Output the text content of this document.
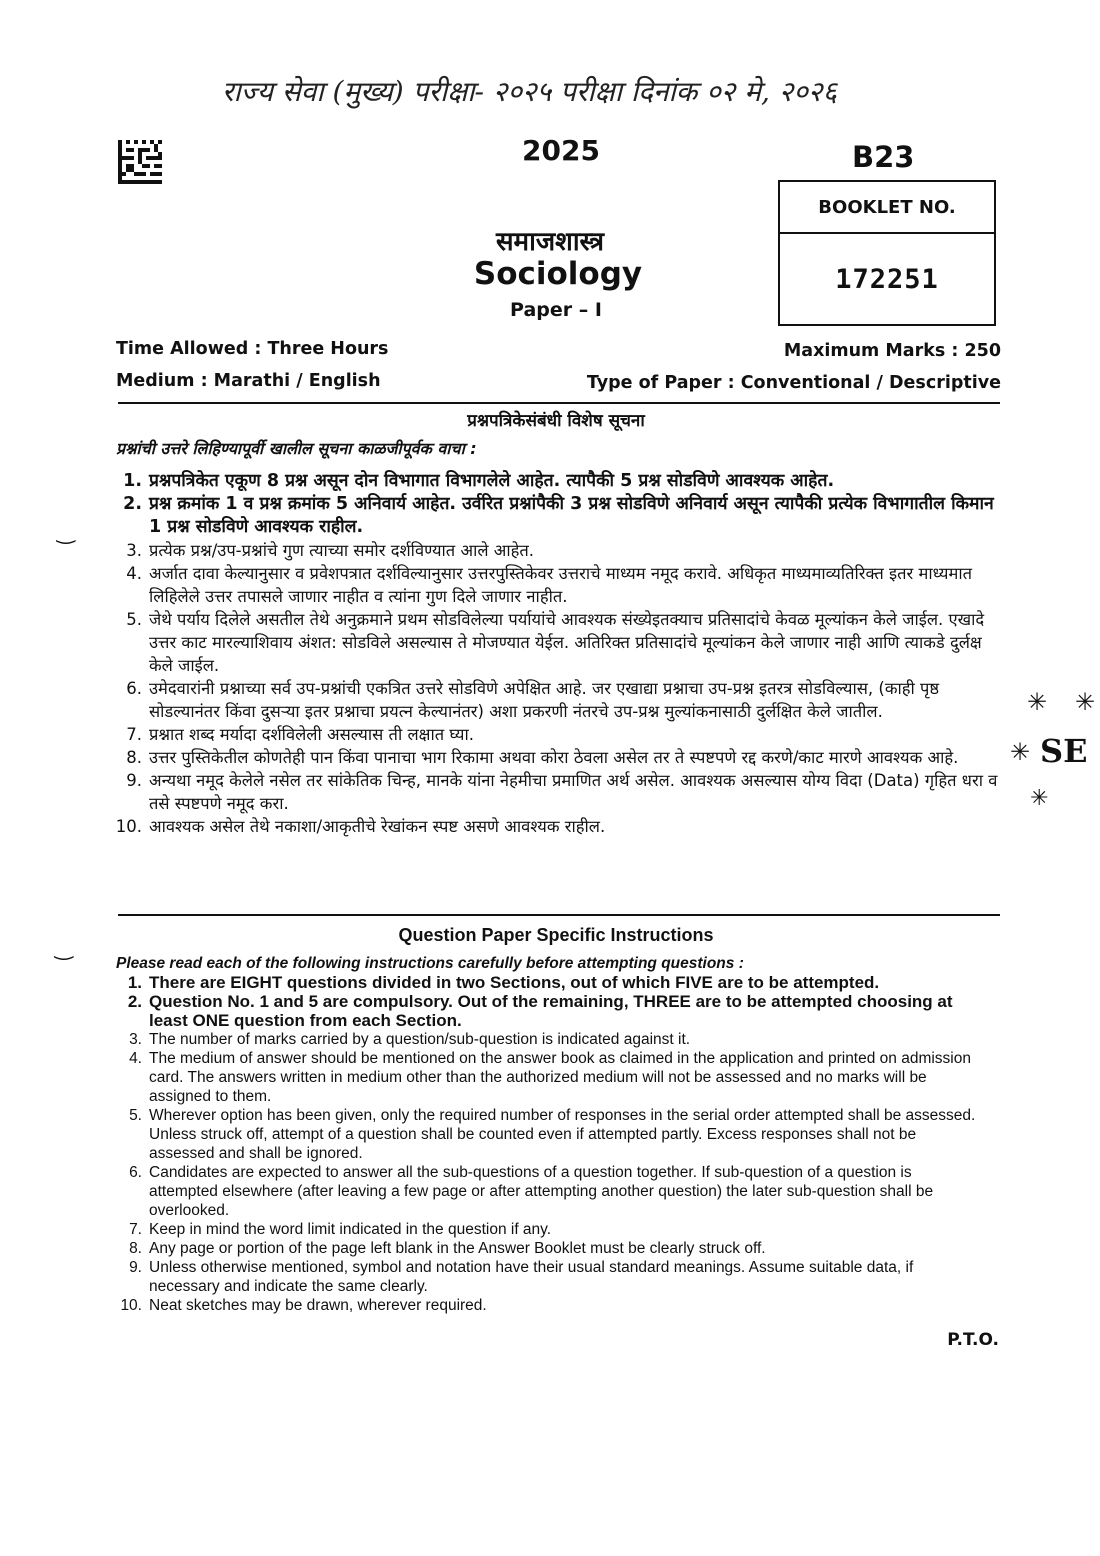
राज्य सेवा (मुख्य) परीक्षा- २०२५ परीक्षा दिनांक ०२ मे, २०२६
2025	B23
BOOKLET NO.
172251
समाजशास्त्र
Sociology
Paper – I
Time Allowed : Three Hours	Maximum Marks : 250
Medium : Marathi / English	Type of Paper : Conventional / Descriptive
प्रश्नपत्रिकेसंबंधी विशेष सूचना
प्रश्नांची उत्तरे लिहिण्यापूर्वी खालील सूचना काळजीपूर्वक वाचा :
1. प्रश्नपत्रिकेत एकूण 8 प्रश्न असून दोन विभागात विभागलेले आहेत. त्यापैकी 5 प्रश्न सोडविणे आवश्यक आहेत.
2. प्रश्न क्रमांक 1 व प्रश्न क्रमांक 5 अनिवार्य आहेत. उर्वरित प्रश्नांपैकी 3 प्रश्न सोडविणे अनिवार्य असून त्यापैकी प्रत्येक विभागातील किमान 1 प्रश्न सोडविणे आवश्यक राहील.
3. प्रत्येक प्रश्न/उप-प्रश्नांचे गुण त्याच्या समोर दर्शविण्यात आले आहेत.
4. अर्जात दावा केल्यानुसार व प्रवेशपत्रात दर्शविल्यानुसार उत्तरपुस्तिकेवर उत्तराचे माध्यम नमूद करावे. अधिकृत माध्यमाव्यतिरिक्त इतर माध्यमात लिहिलेले उत्तर तपासले जाणार नाहीत व त्यांना गुण दिले जाणार नाहीत.
5. जेथे पर्याय दिलेले असतील तेथे अनुक्रमाने प्रथम सोडविलेल्या पर्यायांचे आवश्यक संख्येइतक्याच प्रतिसादांचे केवळ मूल्यांकन केले जाईल. एखादे उत्तर काट मारल्याशिवाय अंशत: सोडविले असल्यास ते मोजण्यात येईल. अतिरिक्त प्रतिसादांचे मूल्यांकन केले जाणार नाही आणि त्याकडे दुर्लक्ष केले जाईल.
6. उमेदवारांनी प्रश्नाच्या सर्व उप-प्रश्नांची एकत्रित उत्तरे सोडविणे अपेक्षित आहे. जर एखाद्या प्रश्नाचा उप-प्रश्न इतरत्र सोडविल्यास, (काही पृष्ठ सोडल्यानंतर किंवा दुसऱ्या इतर प्रश्नाचा प्रयत्न केल्यानंतर) अशा प्रकरणी नंतरचे उप-प्रश्न मुल्यांकनासाठी दुर्लक्षित केले जातील.
7. प्रश्नात शब्द मर्यादा दर्शविलेली असल्यास ती लक्षात घ्या.
8. उत्तर पुस्तिकेतील कोणतेही पान किंवा पानाचा भाग रिकामा अथवा कोरा ठेवला असेल तर ते स्पष्टपणे रद्द करणे/काट मारणे आवश्यक आहे.
9. अन्यथा नमूद केलेले नसेल तर सांकेतिक चिन्ह, मानके यांना नेहमीचा प्रमाणित अर्थ असेल. आवश्यक असल्यास योग्य विदा (Data) गृहित धरा व तसे स्पष्टपणे नमूद करा.
10. आवश्यक असेल तेथे नकाशा/आकृतीचे रेखांकन स्पष्ट असणे आवश्यक राहील.
Question Paper Specific Instructions
Please read each of the following instructions carefully before attempting questions :
1. There are EIGHT questions divided in two Sections, out of which FIVE are to be attempted.
2. Question No. 1 and 5 are compulsory. Out of the remaining, THREE are to be attempted choosing at least ONE question from each Section.
3. The number of marks carried by a question/sub-question is indicated against it.
4. The medium of answer should be mentioned on the answer book as claimed in the application and printed on admission card. The answers written in medium other than the authorized medium will not be assessed and no marks will be assigned to them.
5. Wherever option has been given, only the required number of responses in the serial order attempted shall be assessed. Unless struck off, attempt of a question shall be counted even if attempted partly. Excess responses shall not be assessed and shall be ignored.
6. Candidates are expected to answer all the sub-questions of a question together. If sub-question of a question is attempted elsewhere (after leaving a few page or after attempting another question) the later sub-question shall be overlooked.
7. Keep in mind the word limit indicated in the question if any.
8. Any page or portion of the page left blank in the Answer Booklet must be clearly struck off.
9. Unless otherwise mentioned, symbol and notation have their usual standard meanings. Assume suitable data, if necessary and indicate the same clearly.
10. Neat sketches may be drawn, wherever required.
P.T.O.
‿
‿
✳ ✳
✳ SE
✳
